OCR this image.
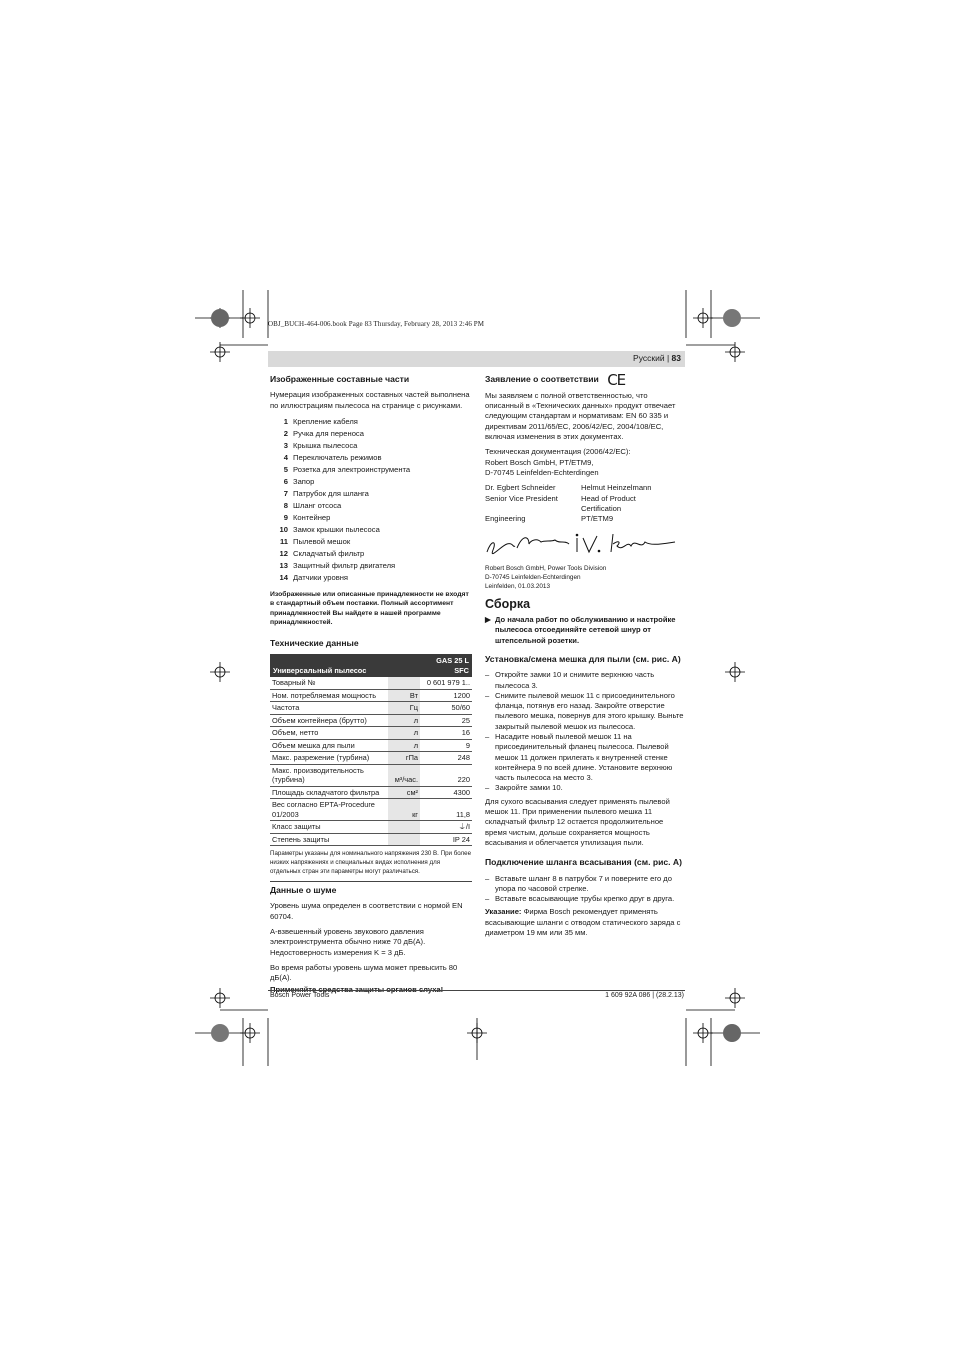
OBJ_BUCH-464-006.book Page 83 Thursday, February 28, 2013 2:46 PM
Русский | 83
Изображенные составные части

Нумерация изображенных составных частей выполнена по иллюстрациям пылесоса на странице с рисунками.

1 Крепление кабеля
2 Ручка для переноса
3 Крышка пылесоса
4 Переключатель режимов
5 Розетка для электроинструмента
6 Запор
7 Патрубок для шланга
8 Шланг отсоса
9 Контейнер
10 Замок крышки пылесоса
11 Пылевой мешок
12 Складчатый фильтр
13 Защитный фильтр двигателя
14 Датчики уровня

Изображенные или описанные принадлежности не входят в стандартный объем поставки. Полный ассортимент принадлежностей Вы найдете в нашей программе принадлежностей.

Технические данные
Универсальный пылесос		GAS 25 L SFC
Товарный №		0 601 979 1..
Ном. потребляемая мощность	Вт	1200
Частота	Гц	50/60
Объем контейнера (брутто)	л	25
Объем, нетто	л	16
Объем мешка для пыли	л	9
Макс. разрежение (турбина)	гПа	248
Макс. производительность (турбина)	м³/час.	220
Площадь складчатого фильтра	см²	4300
Вес согласно EPTA-Procedure 01/2003	кг	11,8
Класс защиты		⏚/I
Степень защиты		IP 24

Параметры указаны для номинального напряжения 230 В. При более низких напряжениях и специальных видах исполнения для отдельных стран эти параметры могут различаться.

Данные о шуме

Уровень шума определен в соответствии с нормой EN 60704.

А-взвешенный уровень звукового давления электроинструмента обычно ниже 70 дБ(A). Недостоверность измерения K = 3 дБ.

Во время работы уровень шума может превысить 80 дБ(A).

Заявление о соответствии CE

Мы заявляем с полной ответственностью, что описанный в «Технических данных» продукт отвечает следующим стандартам и нормативам: EN 60 335 и директивам 2011/65/EC, 2006/42/EC, 2004/108/EC, включая изменения в этих документах.

Техническая документация (2006/42/EC):
Robert Bosch GmbH, PT/ETM9,
D-70745 Leinfelden-Echterdingen

Dr. Egbert Schneider	Helmut Heinzelmann
Senior Vice President	Head of Product Certification
Engineering	PT/ETM9

Robert Bosch GmbH, Power Tools Division
D-70745 Leinfelden-Echterdingen
Leinfelden, 01.03.2013

Сборка
▶ До начала работ по обслуживанию и настройке пылесоса отсоединяйте сетевой шнур от штепсельной розетки.
Установка/смена мешка для пыли (см. рис. А)
– Откройте замки 10 и снимите верхнюю часть пылесоса 3.
– Снимите пылевой мешок 11 с присоединительного фланца, потянув его назад. Закройте отверстие пылевого мешка, повернув для этого крышку. Выньте закрытый пылевой мешок из пылесоса.
– Насадите новый пылевой мешок 11 на присоединительный фланец пылесоса. Пылевой мешок 11 должен прилегать к внутренней стенке контейнера 9 по всей длине. Установите верхнюю часть пылесоса на место 3.
– Закройте замки 10.

Для сухого всасывания следует применять пылевой мешок 11. При применении пылевого мешка 11 складчатый фильтр 12 остается продолжительное время чистым, дольше сохраняется мощность всасывания и облегчается утилизация пыли.

Подключение шланга всасывания (см. рис. А)
– Вставьте шланг 8 в патрубок 7 и поверните его до упора по часовой стрелке.
– Вставьте всасывающие трубы крепко друг в друга.

Указание: Фирма Bosch рекомендует применять всасывающие шланги с отводом статического заряда с диаметром 19 мм или 35 мм.

Bosch Power Tools	1 609 92A 086 | (28.2.13)
